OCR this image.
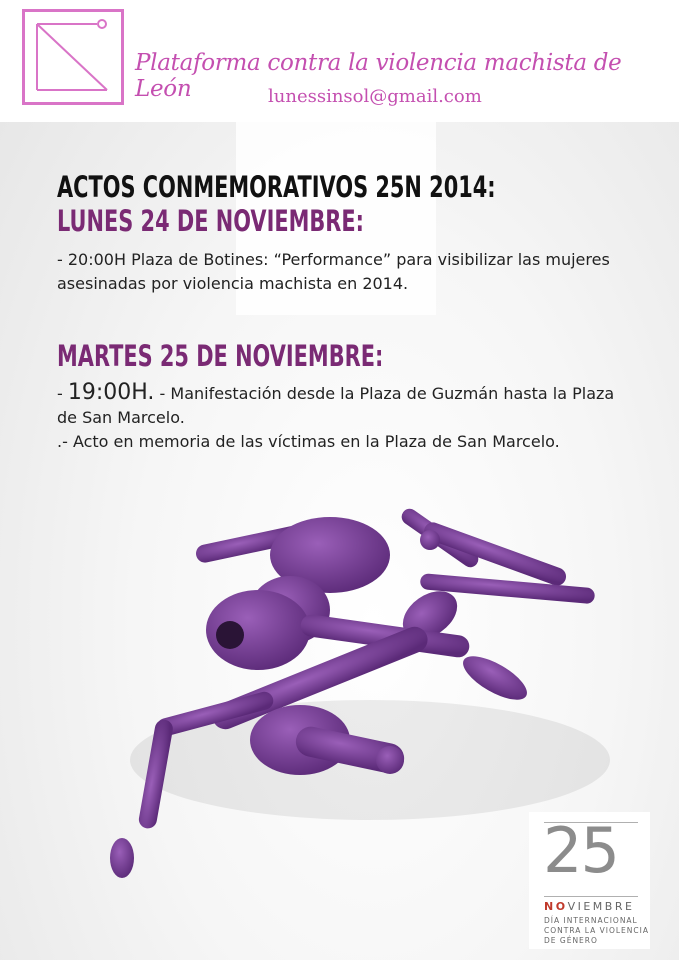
Plataforma contra la violencia machista de León	lunessinsol@gmail.com
ACTOS CONMEMORATIVOS 25N 2014:
LUNES 24 DE NOVIEMBRE:
- 20:00H Plaza de Botines: “Performance” para visibilizar las mujeres asesinadas por violencia machista en 2014.
MARTES 25 DE NOVIEMBRE:
- 19:00H. - Manifestación desde la Plaza de Guzmán hasta la Plaza de San Marcelo.
.- Acto en memoria de las víctimas en la Plaza de San Marcelo.
25
NOVIEMBRE
DÍA INTERNACIONAL
CONTRA LA VIOLENCIA
DE GÉNERO
